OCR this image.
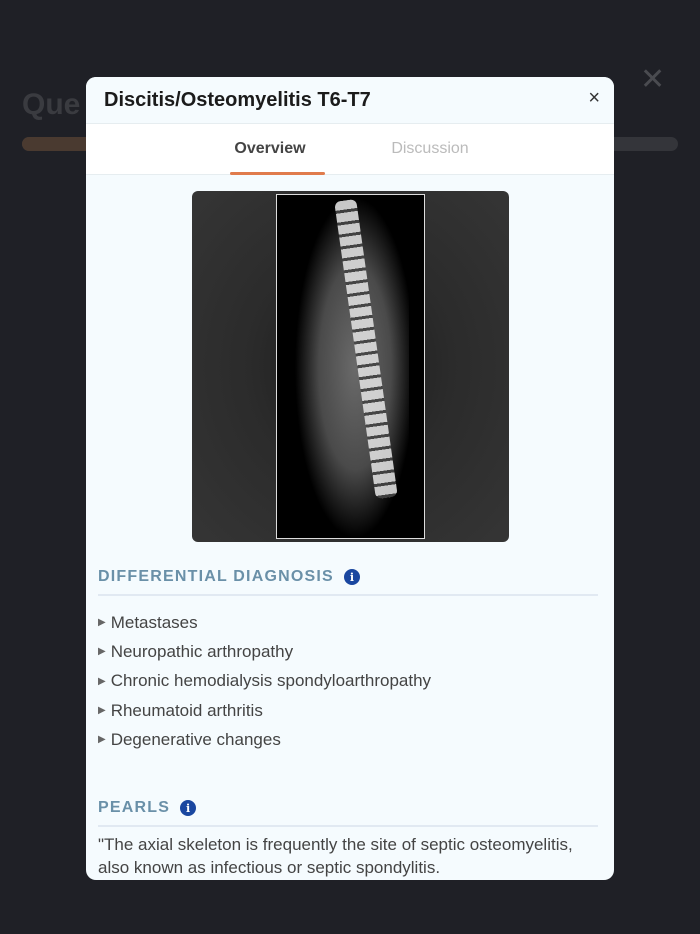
Que
✕
Discitis/Osteomyelitis T6-T7	×
Overview	Discussion
DIFFERENTIAL DIAGNOSIS	i
▶ Metastases
▶ Neuropathic arthropathy
▶ Chronic hemodialysis spondyloarthropathy
▶ Rheumatoid arthritis
▶ Degenerative changes
PEARLS	i
"The axial skeleton is frequently the site of septic osteomyelitis, also known as infectious or septic spondylitis.
